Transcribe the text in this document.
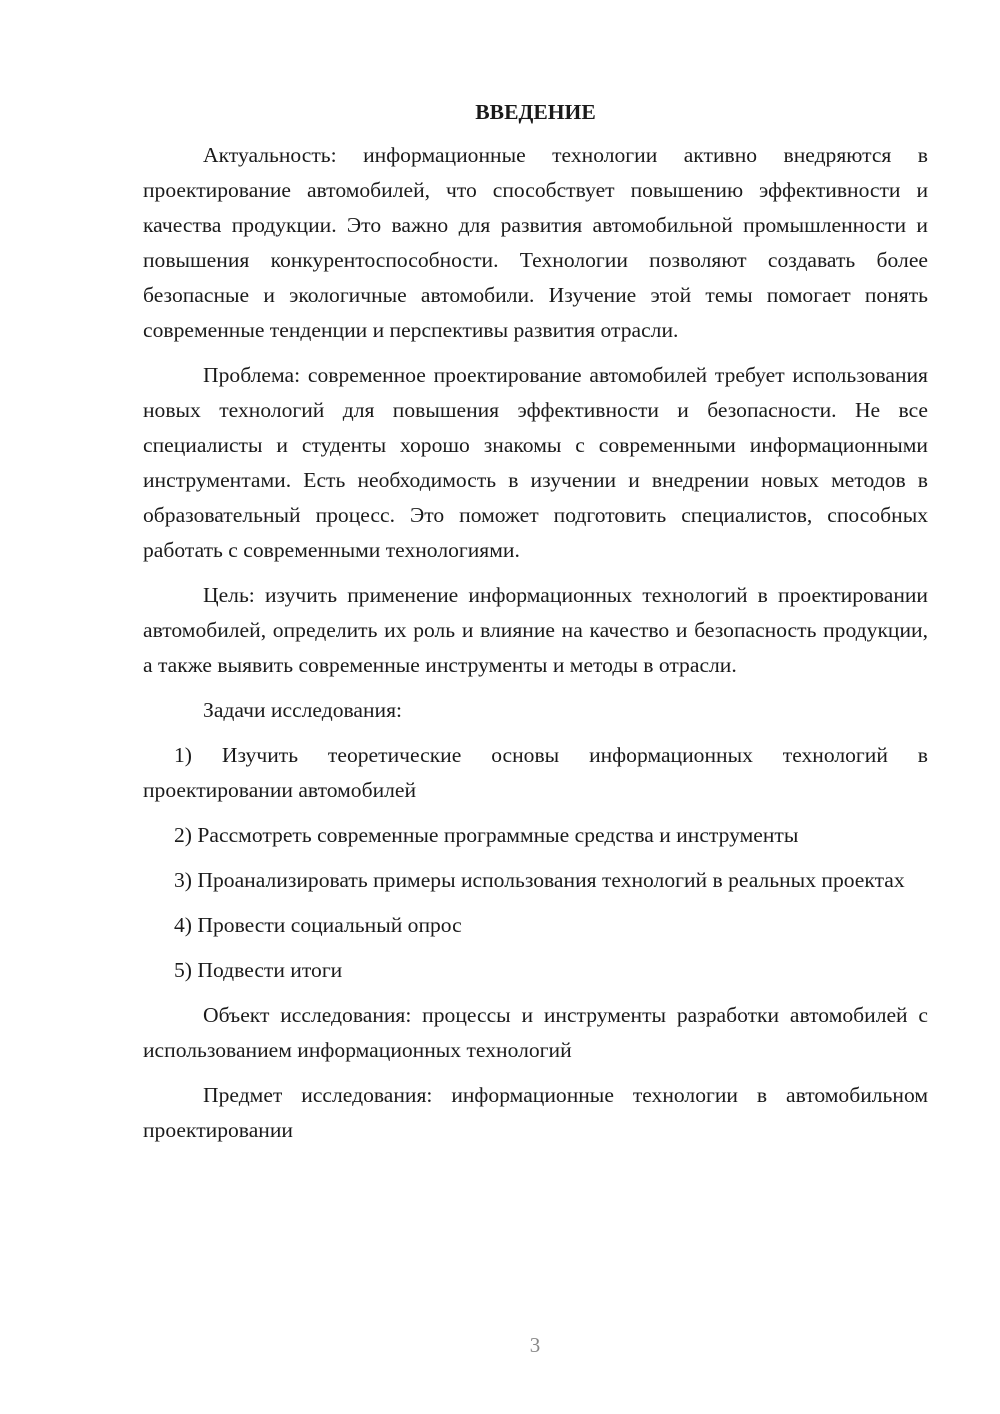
ВВЕДЕНИЕ

Актуальность: информационные технологии активно внедряются в проектирование автомобилей, что способствует повышению эффективности и качества продукции. Это важно для развития автомобильной промышленности и повышения конкурентоспособности. Технологии позволяют создавать более безопасные и экологичные автомобили. Изучение этой темы помогает понять современные тенденции и перспективы развития отрасли.

Проблема: современное проектирование автомобилей требует использования новых технологий для повышения эффективности и безопасности. Не все специалисты и студенты хорошо знакомы с современными информационными инструментами. Есть необходимость в изучении и внедрении новых методов в образовательный процесс. Это поможет подготовить специалистов, способных работать с современными технологиями.

Цель: изучить применение информационных технологий в проектировании автомобилей, определить их роль и влияние на качество и безопасность продукции, а также выявить современные инструменты и методы в отрасли.

Задачи исследования:

1) Изучить теоретические основы информационных технологий в проектировании автомобилей

2) Рассмотреть современные программные средства и инструменты

3) Проанализировать примеры использования технологий в реальных проектах

4) Провести социальный опрос

5) Подвести итоги

Объект исследования: процессы и инструменты разработки автомобилей с использованием информационных технологий

Предмет исследования: информационные технологии в автомобильном проектировании

3
